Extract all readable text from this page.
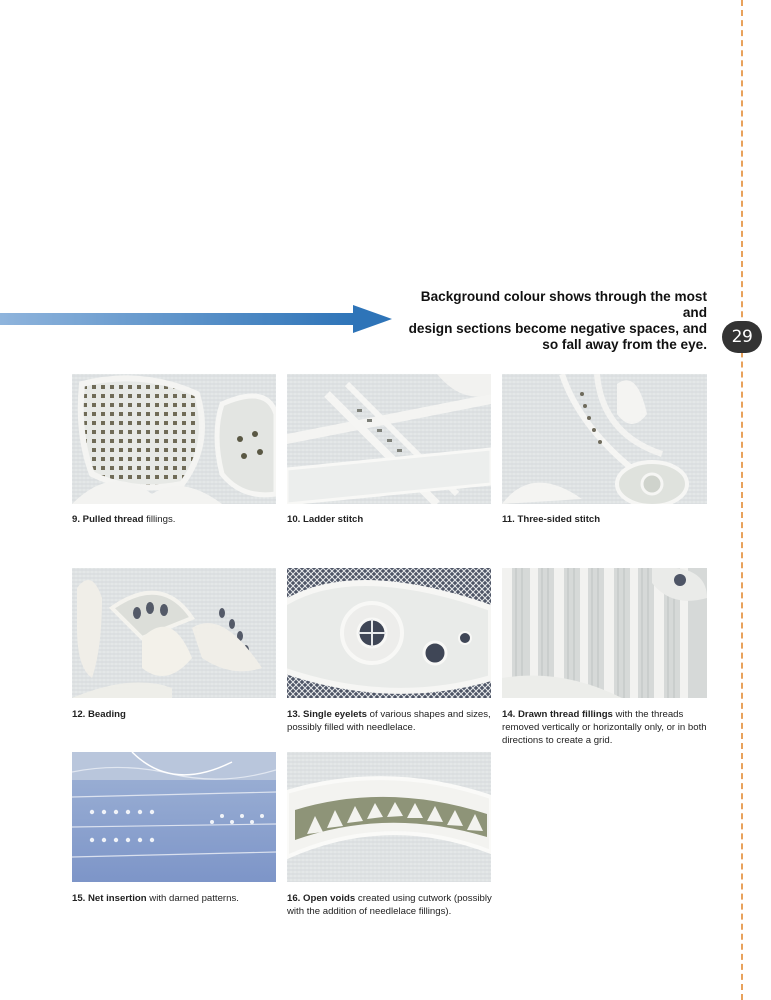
Background colour shows through the most and
design sections become negative spaces, and
so fall away from the eye.	29
9. Pulled thread fillings.	10. Ladder stitch	11. Three-sided stitch
12. Beading	13. Single eyelets of various shapes and sizes, possibly filled with needlelace.
14. Drawn thread fillings with the threads removed vertically or horizontally only, or in both directions to create a grid.
15. Net insertion with darned patterns.	16. Open voids created using cutwork (possibly with the addition of needlelace fillings).
